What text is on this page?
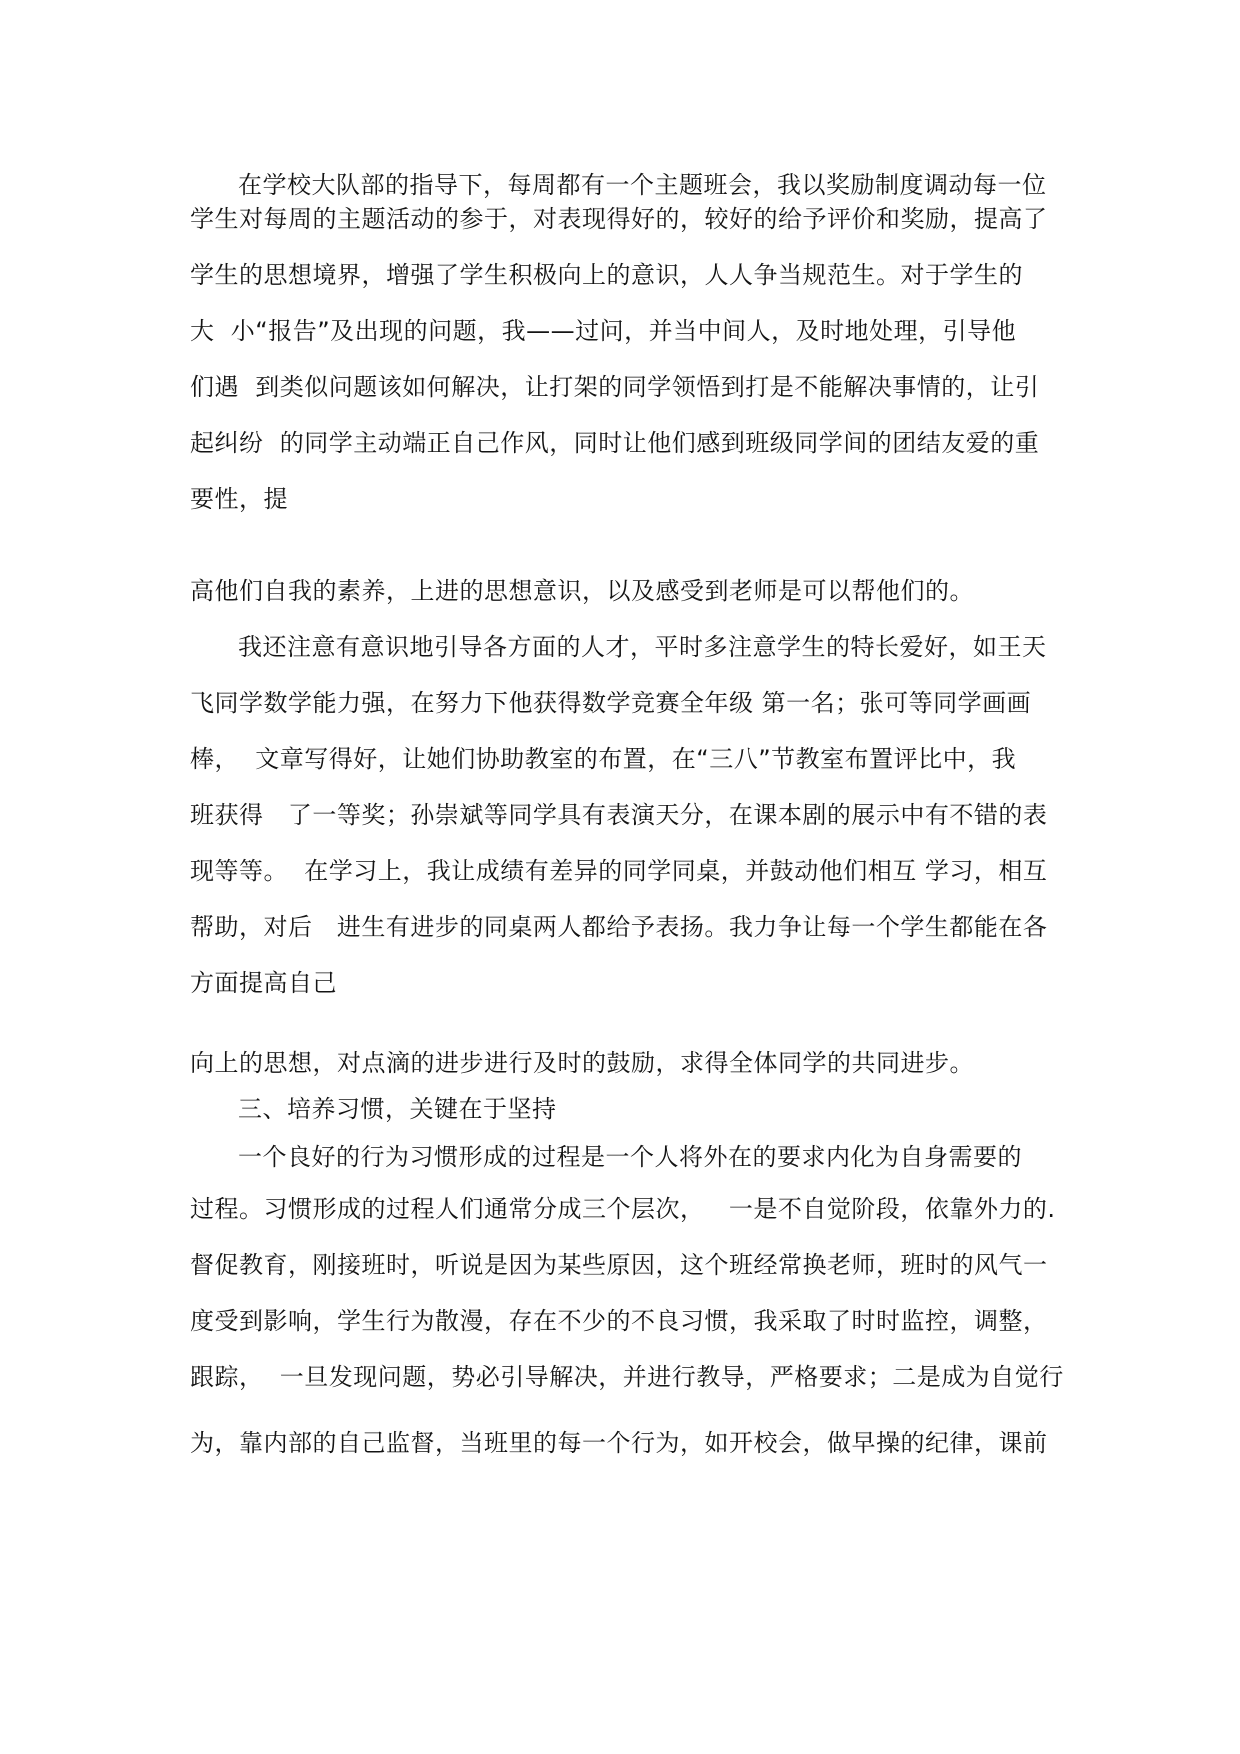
在学校大队部的指导下，每周都有一个主题班会，我以奖励制度调动每一位

学生对每周的主题活动的参于，对表现得好的，较好的给予评价和奖励，提高了

学生的思想境界，增强了学生积极向上的意识，人人争当规范生。对于学生的

大  小“报告”及出现的问题，我——过问，并当中间人，及时地处理，引导他

们遇  到类似问题该如何解决，让打架的同学领悟到打是不能解决事情的，让引

起纠纷  的同学主动端正自己作风，同时让他们感到班级同学间的团结友爱的重

要性，提

高他们自我的素养，上进的思想意识，以及感受到老师是可以帮他们的。

我还注意有意识地引导各方面的人才，平时多注意学生的特长爱好，如王天

飞同学数学能力强，在努力下他获得数学竞赛全年级 第一名；张可等同学画画

棒，  文章写得好，让她们协助教室的布置，在“三八”节教室布置评比中，我

班获得   了一等奖；孙崇斌等同学具有表演天分，在课本剧的展示中有不错的表

现等等。  在学习上，我让成绩有差异的同学同桌，并鼓动他们相互 学习，相互

帮助，对后   进生有进步的同桌两人都给予表扬。我力争让每一个学生都能在各

方面提高自己

向上的思想，对点滴的进步进行及时的鼓励，求得全体同学的共同进步。

三、培养习惯，关键在于坚持

一个良好的行为习惯形成的过程是一个人将外在的要求内化为自身需要的

过程。习惯形成的过程人们通常分成三个层次，   一是不自觉阶段，依靠外力的.

督促教育，刚接班时，听说是因为某些原因，这个班经常换老师，班时的风气一

度受到影响，学生行为散漫，存在不少的不良习惯，我采取了时时监控，调整，

跟踪，  一旦发现问题，势必引导解决，并进行教导，严格要求；二是成为自觉行

为，靠内部的自己监督，当班里的每一个行为，如开校会，做早操的纪律，课前
